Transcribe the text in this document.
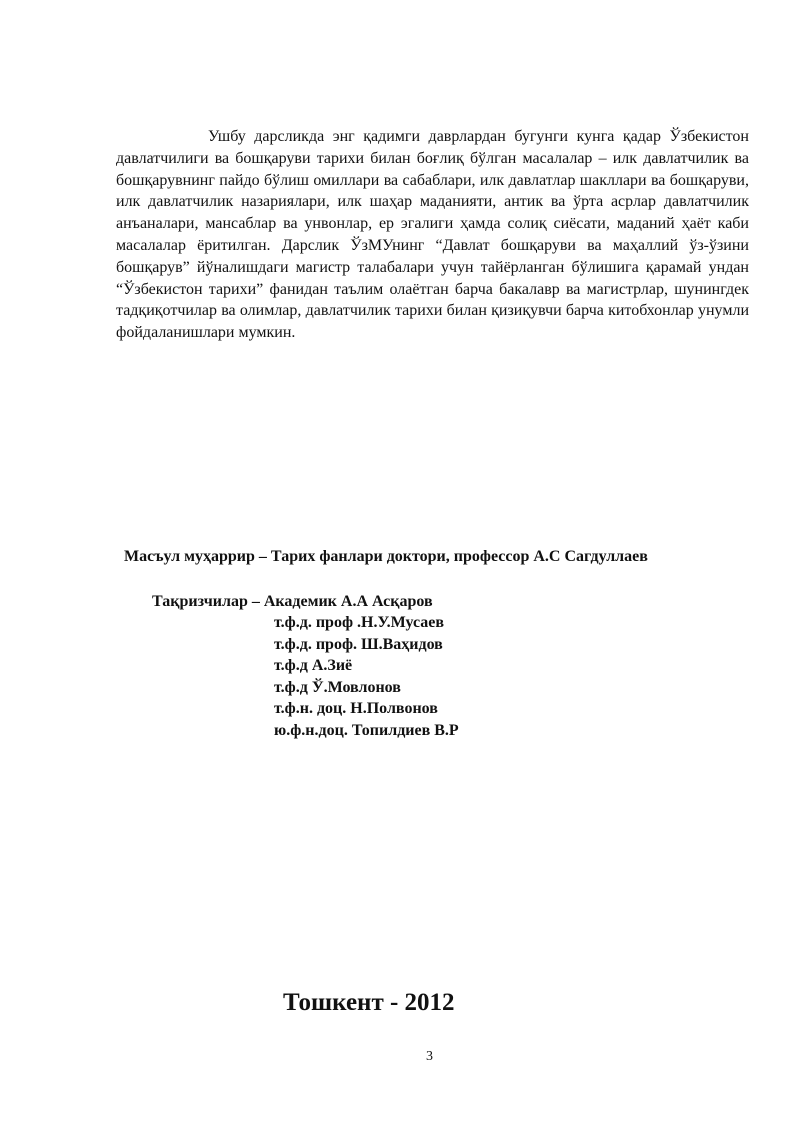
Ушбу дарсликда энг қадимги даврлардан бугунги кунга қадар Ўзбекистон давлатчилиги ва бошқаруви тарихи билан боғлиқ бўлган масалалар – илк давлатчилик ва бошқарувнинг пайдо бўлиш омиллари ва сабаблари, илк давлатлар шакллари ва бошқаруви, илк давлатчилик назариялари, илк шаҳар маданияти, антик ва ўрта асрлар давлатчилик анъаналари, мансаблар ва унвонлар, ер эгалиги ҳамда солиқ сиёсати, маданий ҳаёт каби масалалар ёритилган. Дарслик ЎзМУнинг “Давлат бошқаруви ва маҳаллий ўз-ўзини бошқарув” йўналишдаги магистр талабалари учун тайёрланган бўлишига қарамай ундан “Ўзбекистон тарихи” фанидан таълим олаётган барча бакалавр ва магистрлар, шунингдек тадқиқотчилар ва олимлар, давлатчилик тарихи билан қизиқувчи барча китобхонлар унумли фойдаланишлари мумкин.

Масъул муҳаррир – Тарих фанлари доктори, профессор А.С Сагдуллаев

Тақризчилар – Академик А.А Асқаров

т.ф.д. проф .Н.У.Мусаев
т.ф.д. проф. Ш.Ваҳидов
т.ф.д А.Зиё
т.ф.д Ў.Мовлонов
т.ф.н. доц. Н.Полвонов
ю.ф.н.доц. Топилдиев В.Р

Тошкент - 2012

3
